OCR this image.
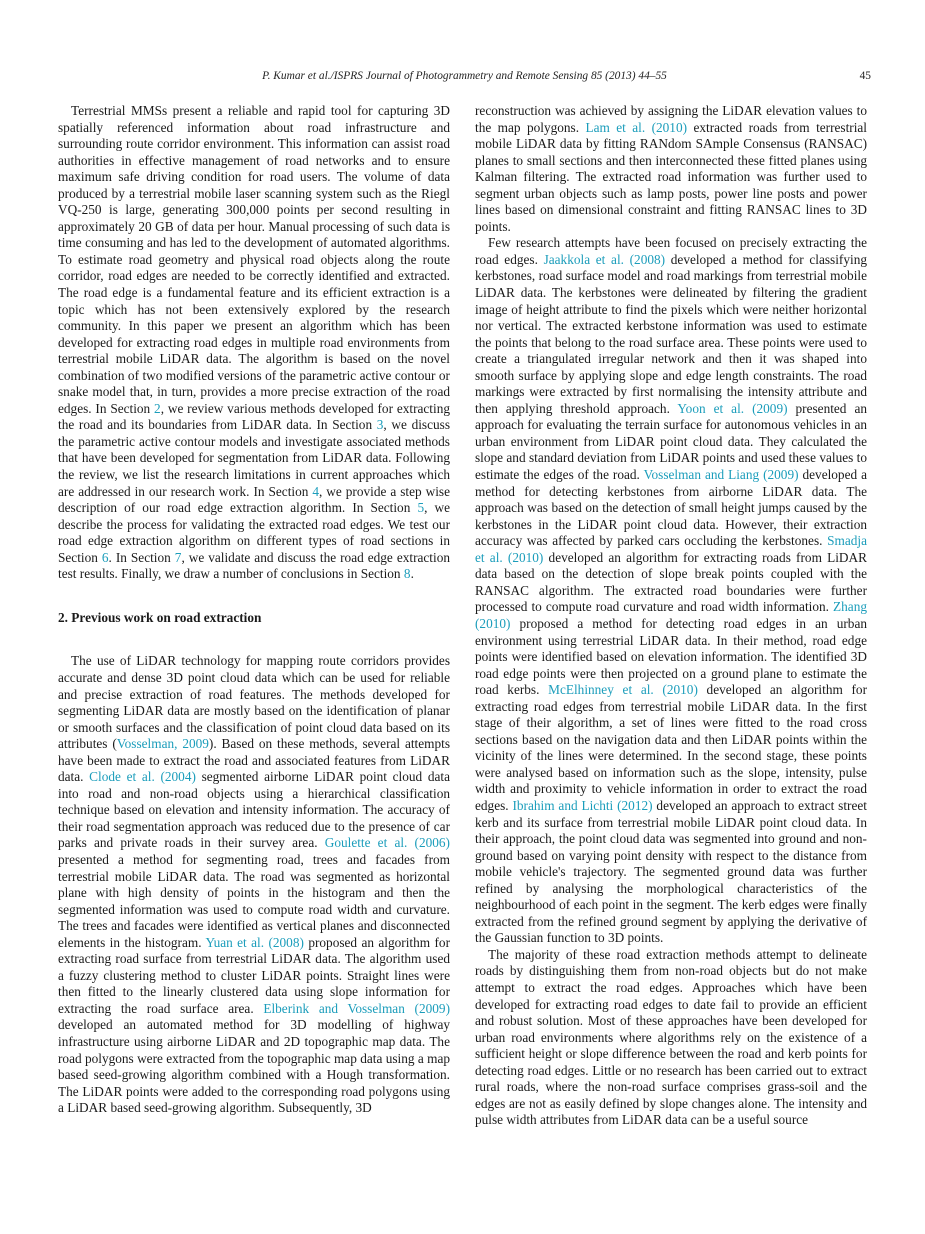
P. Kumar et al./ISPRS Journal of Photogrammetry and Remote Sensing 85 (2013) 44–55	45

Terrestrial MMSs present a reliable and rapid tool for capturing 3D spatially referenced information about road infrastructure and surrounding route corridor environment. This information can assist road authorities in effective management of road networks and to ensure maximum safe driving condition for road users. The volume of data produced by a terrestrial mobile laser scanning system such as the Riegl VQ-250 is large, generating 300,000 points per second resulting in approximately 20 GB of data per hour. Manual processing of such data is time consuming and has led to the development of automated algorithms. To estimate road geometry and physical road objects along the route corridor, road edges are needed to be correctly identified and extracted. The road edge is a fundamental feature and its efficient extraction is a topic which has not been extensively explored by the research community. In this paper we present an algorithm which has been developed for extracting road edges in multiple road environments from terrestrial mobile LiDAR data. The algorithm is based on the novel combination of two modified versions of the parametric active contour or snake model that, in turn, provides a more precise extraction of the road edges. In Section 2, we review various methods developed for extracting the road and its boundaries from LiDAR data. In Section 3, we discuss the parametric active contour models and investigate associated methods that have been developed for segmentation from LiDAR data. Following the review, we list the research limitations in current approaches which are addressed in our research work. In Section 4, we provide a step wise description of our road edge extraction algorithm. In Section 5, we describe the process for validating the extracted road edges. We test our road edge extraction algorithm on different types of road sections in Section 6. In Section 7, we validate and discuss the road edge extraction test results. Finally, we draw a number of conclusions in Section 8.

2. Previous work on road extraction

The use of LiDAR technology for mapping route corridors provides accurate and dense 3D point cloud data which can be used for reliable and precise extraction of road features. The methods developed for segmenting LiDAR data are mostly based on the identification of planar or smooth surfaces and the classification of point cloud data based on its attributes (Vosselman, 2009). Based on these methods, several attempts have been made to extract the road and associated features from LiDAR data. Clode et al. (2004) segmented airborne LiDAR point cloud data into road and non-road objects using a hierarchical classification technique based on elevation and intensity information. The accuracy of their road segmentation approach was reduced due to the presence of car parks and private roads in their survey area. Goulette et al. (2006) presented a method for segmenting road, trees and facades from terrestrial mobile LiDAR data. The road was segmented as horizontal plane with high density of points in the histogram and then the segmented information was used to compute road width and curvature. The trees and facades were identified as vertical planes and disconnected elements in the histogram. Yuan et al. (2008) proposed an algorithm for extracting road surface from terrestrial LiDAR data. The algorithm used a fuzzy clustering method to cluster LiDAR points. Straight lines were then fitted to the linearly clustered data using slope information for extracting the road surface area. Elberink and Vosselman (2009) developed an automated method for 3D modelling of highway infrastructure using airborne LiDAR and 2D topographic map data. The road polygons were extracted from the topographic map data using a map based seed-growing algorithm combined with a Hough transformation. The LiDAR points were added to the corresponding road polygons using a LiDAR based seed-growing algorithm. Subsequently, 3D

reconstruction was achieved by assigning the LiDAR elevation values to the map polygons. Lam et al. (2010) extracted roads from terrestrial mobile LiDAR data by fitting RANdom SAmple Consensus (RANSAC) planes to small sections and then interconnected these fitted planes using Kalman filtering. The extracted road information was further used to segment urban objects such as lamp posts, power line posts and power lines based on dimensional constraint and fitting RANSAC lines to 3D points.

Few research attempts have been focused on precisely extracting the road edges. Jaakkola et al. (2008) developed a method for classifying kerbstones, road surface model and road markings from terrestrial mobile LiDAR data. The kerbstones were delineated by filtering the gradient image of height attribute to find the pixels which were neither horizontal nor vertical. The extracted kerbstone information was used to estimate the points that belong to the road surface area. These points were used to create a triangulated irregular network and then it was shaped into smooth surface by applying slope and edge length constraints. The road markings were extracted by first normalising the intensity attribute and then applying threshold approach. Yoon et al. (2009) presented an approach for evaluating the terrain surface for autonomous vehicles in an urban environment from LiDAR point cloud data. They calculated the slope and standard deviation from LiDAR points and used these values to estimate the edges of the road. Vosselman and Liang (2009) developed a method for detecting kerbstones from airborne LiDAR data. The approach was based on the detection of small height jumps caused by the kerbstones in the LiDAR point cloud data. However, their extraction accuracy was affected by parked cars occluding the kerbstones. Smadja et al. (2010) developed an algorithm for extracting roads from LiDAR data based on the detection of slope break points coupled with the RANSAC algorithm. The extracted road boundaries were further processed to compute road curvature and road width information. Zhang (2010) proposed a method for detecting road edges in an urban environment using terrestrial LiDAR data. In their method, road edge points were identified based on elevation information. The identified 3D road edge points were then projected on a ground plane to estimate the road kerbs. McElhinney et al. (2010) developed an algorithm for extracting road edges from terrestrial mobile LiDAR data. In the first stage of their algorithm, a set of lines were fitted to the road cross sections based on the navigation data and then LiDAR points within the vicinity of the lines were determined. In the second stage, these points were analysed based on information such as the slope, intensity, pulse width and proximity to vehicle information in order to extract the road edges. Ibrahim and Lichti (2012) developed an approach to extract street kerb and its surface from terrestrial mobile LiDAR point cloud data. In their approach, the point cloud data was segmented into ground and non-ground based on varying point density with respect to the distance from mobile vehicle's trajectory. The segmented ground data was further refined by analysing the morphological characteristics of the neighbourhood of each point in the segment. The kerb edges were finally extracted from the refined ground segment by applying the derivative of the Gaussian function to 3D points.

The majority of these road extraction methods attempt to delineate roads by distinguishing them from non-road objects but do not make attempt to extract the road edges. Approaches which have been developed for extracting road edges to date fail to provide an efficient and robust solution. Most of these approaches have been developed for urban road environments where algorithms rely on the existence of a sufficient height or slope difference between the road and kerb points for detecting road edges. Little or no research has been carried out to extract rural roads, where the non-road surface comprises grass-soil and the edges are not as easily defined by slope changes alone. The intensity and pulse width attributes from LiDAR data can be a useful source
